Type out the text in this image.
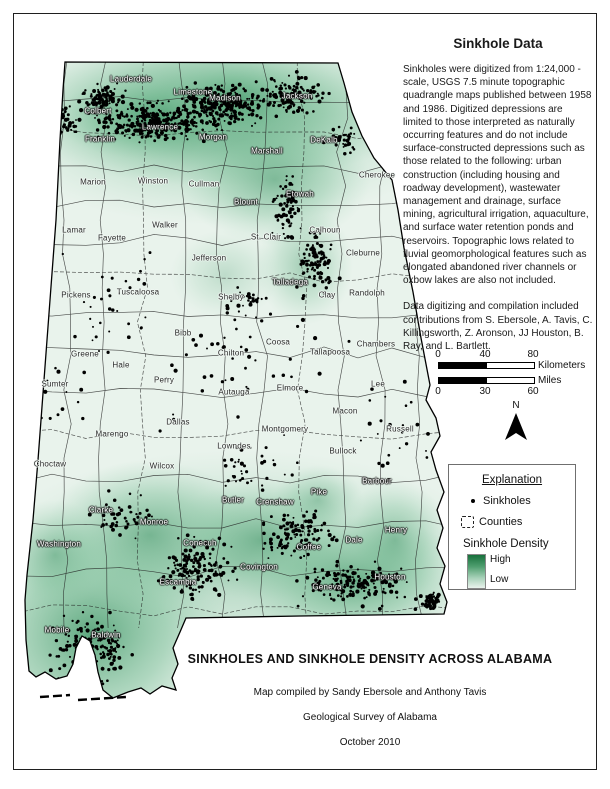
Lauderdale
Limestone
Madison	Jackson
Colbert
Lawrence
Morgan
Franklin
Marshall
DeKalb
Marion	Winston	Cullman
Cherokee
Etowah
Blount
Lamar
Fayette
Walker
St. Clair
Calhoun
Cleburne
Jefferson
Talladega
Pickens	Tuscaloosa
Shelby	Clay Randolph
Bibb
Greene
Hale
Perry
Chilton
Coosa
Tallapoosa
Chambers
Sumter
Autauga	Elmore	Lee
Macon
Marengo
Dallas
Montgomery	Russell
Choctaw	Wilcox
Lowndes
Bullock
Butler Crenshaw
Pike
Barbour
Clarke
Monroe
Henry
Washington	Conecuh	Coffee
Dale
Escambia
Covington
Houston
Geneva
Mobile
Baldwin
Sinkhole Data

Sinkholes were digitized from 1:24,000 - scale, USGS 7.5 minute topographic quadrangle maps published between 1958 and 1986. Digitized depressions are limited to those interpreted as naturally occurring features and do not include surface-constructed depressions such as those related to the following: urban construction (including housing and roadway development), wastewater management and drainage, surface mining, agricultural irrigation, aquaculture, and surface water retention ponds and reservoirs. Topographic lows related to fluvial geomorphological features such as elongated abandoned river channels or oxbow lakes are also not included.

Data digitizing and compilation included contributions from S. Ebersole, A. Tavis, C. Killingsworth, Z. Aronson, JJ Houston, B. Ray, and L. Bartlett.

0	40	80
Kilometers
Miles
0	30	60
N
Explanation
Sinkholes
Counties
Sinkhole Density
High
Low
SINKHOLES AND SINKHOLE DENSITY ACROSS ALABAMA
Map compiled by Sandy Ebersole and Anthony Tavis
Geological Survey of Alabama
October 2010
